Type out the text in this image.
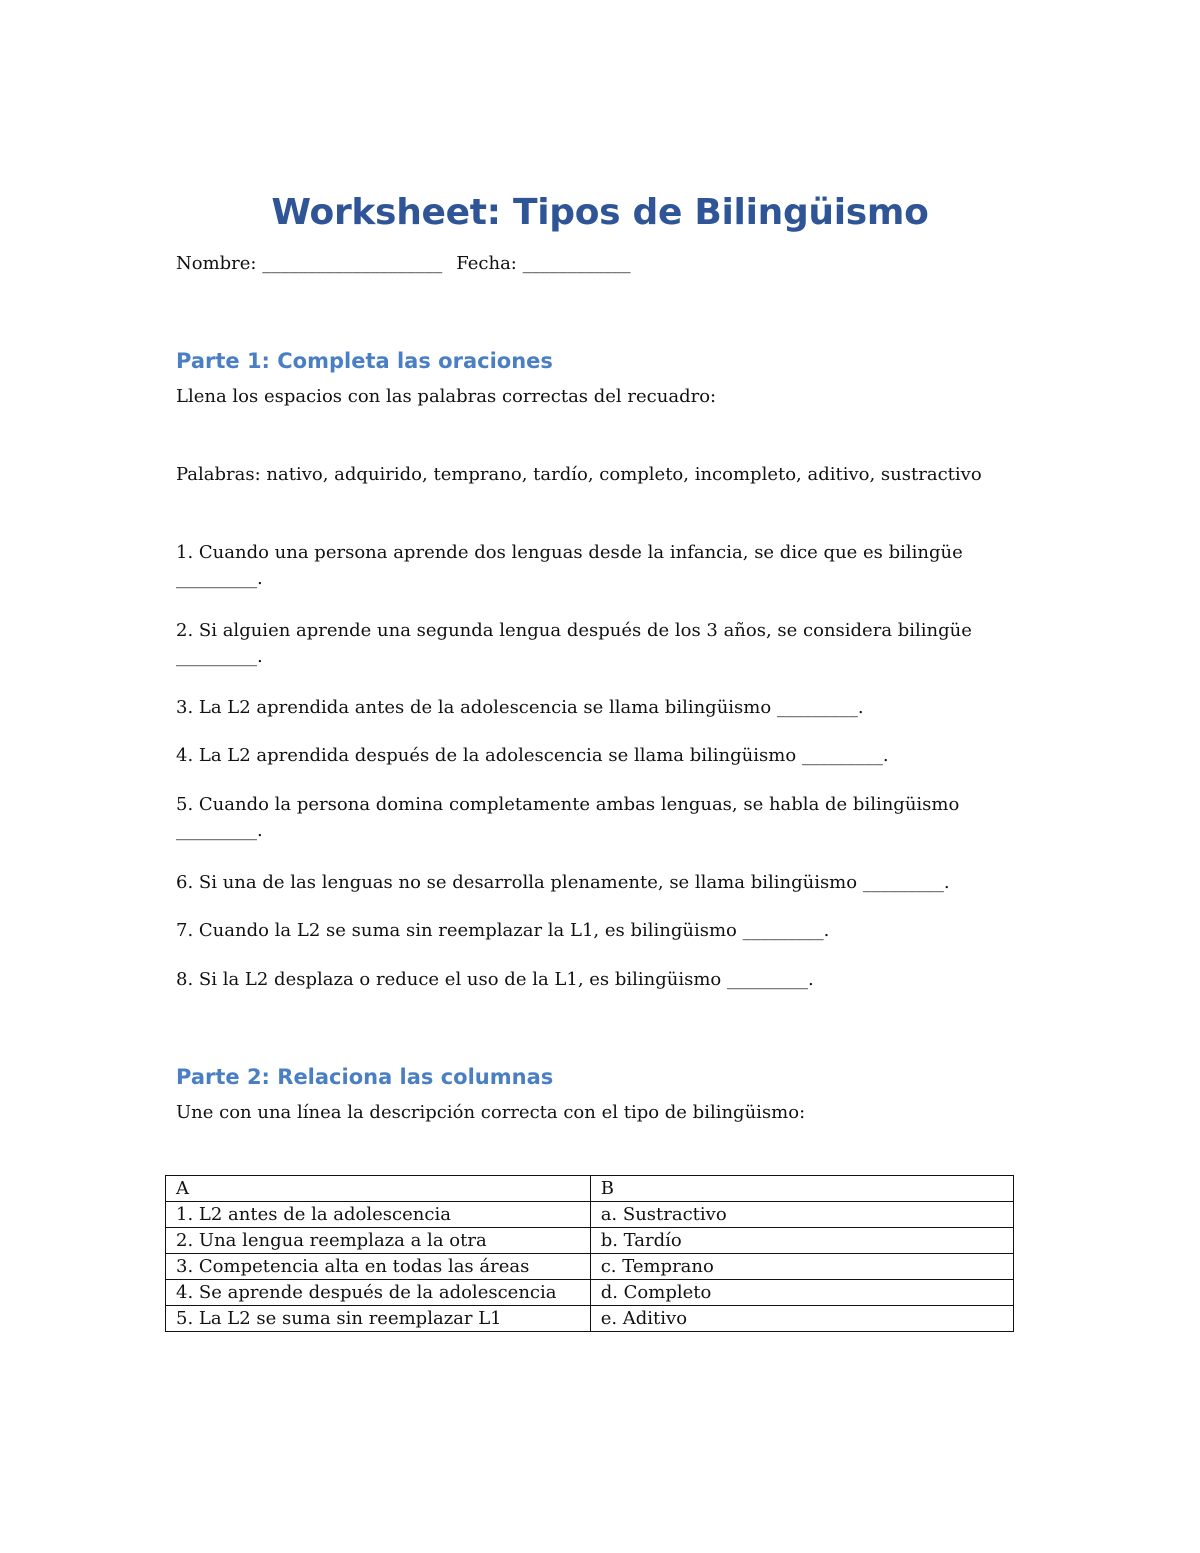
Worksheet: Tipos de Bilingüismo

Nombre: ____________________ Fecha: ____________

Parte 1: Completa las oraciones

Llena los espacios con las palabras correctas del recuadro:

Palabras: nativo, adquirido, temprano, tardío, completo, incompleto, aditivo, sustractivo

1. Cuando una persona aprende dos lenguas desde la infancia, se dice que es bilingüe

_________.

2. Si alguien aprende una segunda lengua después de los 3 años, se considera bilingüe

_________.

3. La L2 aprendida antes de la adolescencia se llama bilingüismo _________.

4. La L2 aprendida después de la adolescencia se llama bilingüismo _________.

5. Cuando la persona domina completamente ambas lenguas, se habla de bilingüismo

_________.

6. Si una de las lenguas no se desarrolla plenamente, se llama bilingüismo _________.

7. Cuando la L2 se suma sin reemplazar la L1, es bilingüismo _________.

8. Si la L2 desplaza o reduce el uso de la L1, es bilingüismo _________.

Parte 2: Relaciona las columnas

Une con una línea la descripción correcta con el tipo de bilingüismo:

A	B
1. L2 antes de la adolescencia	a. Sustractivo
2. Una lengua reemplaza a la otra	b. Tardío
3. Competencia alta en todas las áreas	c. Temprano
4. Se aprende después de la adolescencia	d. Completo
5. La L2 se suma sin reemplazar L1	e. Aditivo
